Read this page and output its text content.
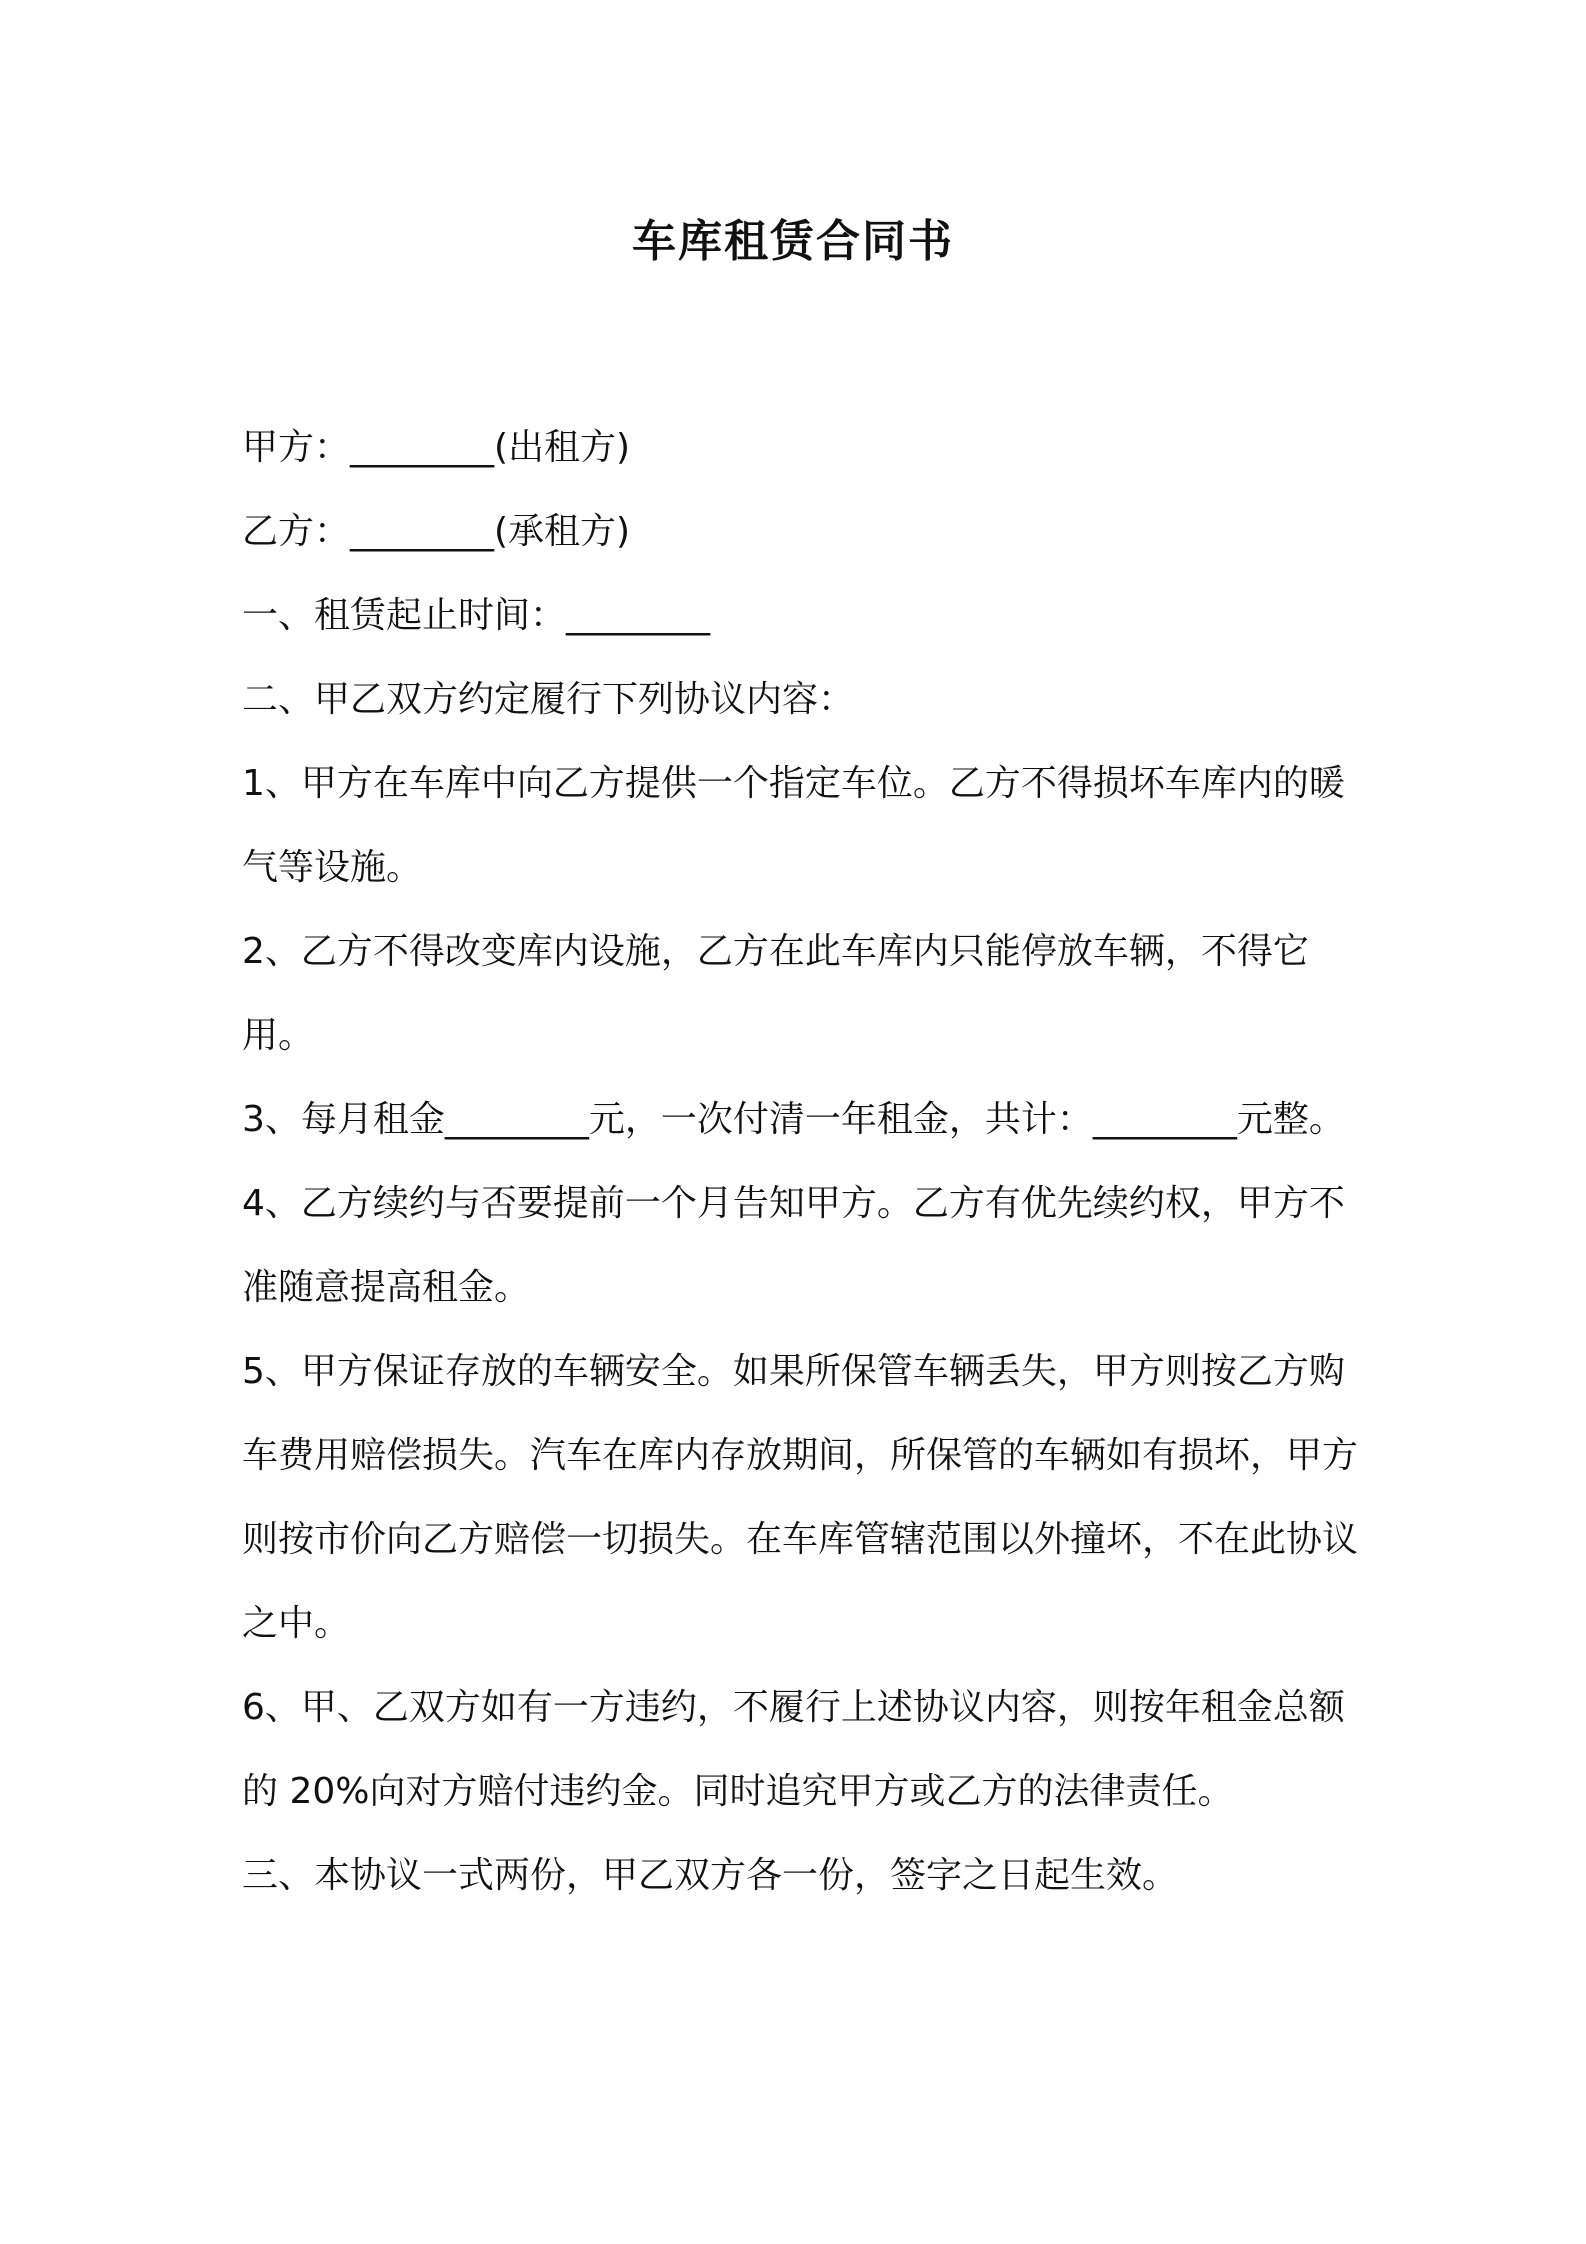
车库租赁合同书

甲方：________(出租方)

乙方：________(承租方)

一、租赁起止时间：________

二、甲乙双方约定履行下列协议内容：

1、甲方在车库中向乙方提供一个指定车位。乙方不得损坏车库内的暖气等设施。

2、乙方不得改变库内设施，乙方在此车库内只能停放车辆，不得它用。

3、每月租金________元，一次付清一年租金，共计：________元整。

4、乙方续约与否要提前一个月告知甲方。乙方有优先续约权，甲方不准随意提高租金。

5、甲方保证存放的车辆安全。如果所保管车辆丢失，甲方则按乙方购车费用赔偿损失。汽车在库内存放期间，所保管的车辆如有损坏，甲方则按市价向乙方赔偿一切损失。在车库管辖范围以外撞坏，不在此协议之中。

6、甲、乙双方如有一方违约，不履行上述协议内容，则按年租金总额的 20%向对方赔付违约金。同时追究甲方或乙方的法律责任。

三、本协议一式两份，甲乙双方各一份，签字之日起生效。
